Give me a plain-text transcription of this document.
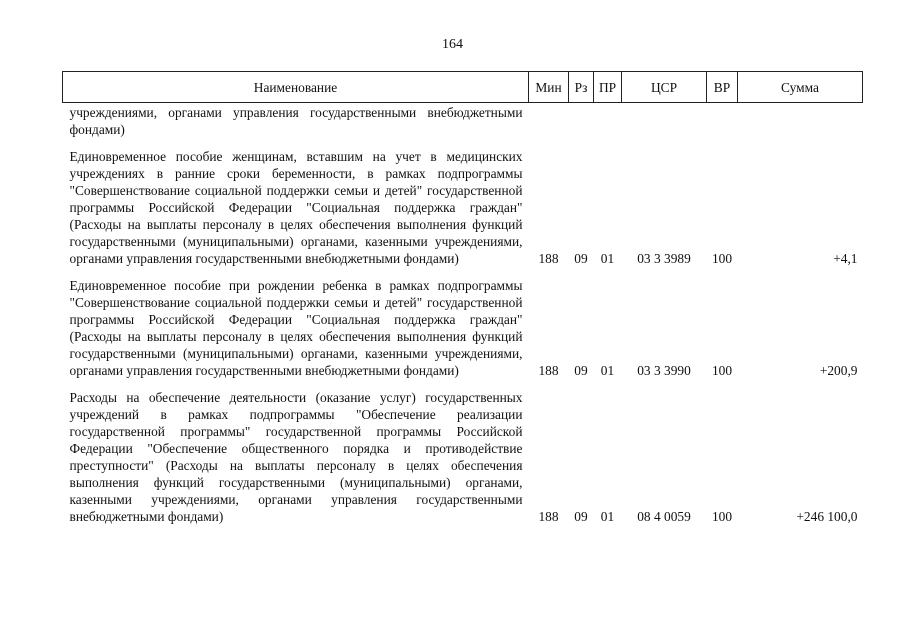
164
Наименование	Мин	Рз	ПР	ЦСР	ВР	Сумма
учреждениями, органами управления государственными внебюджетными фондами)						
Единовременное пособие женщинам, вставшим на учет в медицинских учреждениях в ранние сроки беременности, в рамках подпрограммы "Совершенствование социальной поддержки семьи и детей" государственной программы Российской Федерации "Социальная поддержка граждан" (Расходы на выплаты персоналу в целях обеспечения выполнения функций государственными (муниципальными) органами, казенными учреждениями, органами управления государственными внебюджетными фондами)	188	09	01	03 3 3989	100	+4,1
Единовременное пособие при рождении ребенка в рамках подпрограммы "Совершенствование социальной поддержки семьи и детей" государственной программы Российской Федерации "Социальная поддержка граждан" (Расходы на выплаты персоналу в целях обеспечения выполнения функций государственными (муниципальными) органами, казенными учреждениями, органами управления государственными внебюджетными фондами)	188	09	01	03 3 3990	100	+200,9
Расходы на обеспечение деятельности (оказание услуг) государственных учреждений в рамках подпрограммы "Обеспечение реализации государственной программы" государственной программы Российской Федерации "Обеспечение общественного порядка и противодействие преступности" (Расходы на выплаты персоналу в целях обеспечения выполнения функций государственными (муниципальными) органами, казенными учреждениями, органами управления государственными внебюджетными фондами)	188	09	01	08 4 0059	100	+246 100,0
